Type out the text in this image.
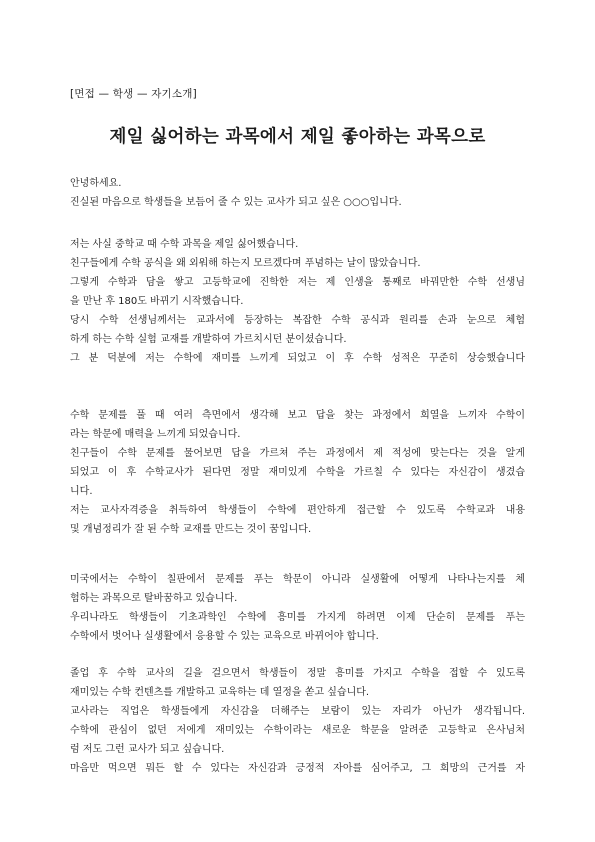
[면접 — 학생 — 자기소개]
제일 싫어하는 과목에서 제일 좋아하는 과목으로
안녕하세요.
진실된 마음으로 학생들을 보듬어 줄 수 있는 교사가 되고 싶은 ○○○입니다.
저는 사실 중학교 때 수학 과목을 제일 싫어했습니다.
친구들에게 수학 공식을 왜 외워해 하는지 모르겠다며 푸념하는 날이 많았습니다.
그렇게 수학과 담을 쌓고 고등학교에 진학한 저는 제 인생을 통째로 바꿔만한 수학 선생님
을 만난 후 180도 바뀌기 시작했습니다.
당시 수학 선생님께서는 교과서에 등장하는 복잡한 수학 공식과 원리를 손과 눈으로 체험
하게 하는 수학 실험 교재를 개발하여 가르치시던 분이셨습니다.
그 분 덕분에 저는 수학에 재미를 느끼게 되었고 이 후 수학 성적은 꾸준히 상승했습니다
수학 문제를 풀 때 여러 측면에서 생각해 보고 답을 찾는 과정에서 희열을 느끼자 수학이
라는 학문에 매력을 느끼게 되었습니다.
친구들이 수학 문제를 물어보면 답을 가르쳐 주는 과정에서 제 적성에 맞는다는 것을 알게
되었고 이 후 수학교사가 된다면 정말 재미있게 수학을 가르칠 수 있다는 자신감이 생겼습
니다.
저는 교사자격증을 취득하여 학생들이 수학에 편안하게 접근할 수 있도록 수학교과 내용
및 개념정리가 잘 된 수학 교재를 만드는 것이 꿈입니다.
미국에서는 수학이 칠판에서 문제를 푸는 학문이 아니라 실생활에 어떻게 나타나는지를 체
험하는 과목으로 탈바꿈하고 있습니다.
우리나라도 학생들이 기초과학인 수학에 흥미를 가지게 하려면 이제 단순히 문제를 푸는
수학에서 벗어나 실생활에서 응용할 수 있는 교육으로 바뀌어야 합니다.
졸업 후 수학 교사의 길을 걸으면서 학생들이 정말 흥미를 가지고 수학을 접할 수 있도록
재미있는 수학 컨텐츠를 개발하고 교육하는 데 열정을 쏟고 싶습니다.
교사라는 직업은 학생들에게 자신감을 더해주는 보람이 있는 자리가 아닌가 생각됩니다.
수학에 관심이 없던 저에게 재미있는 수학이라는 새로운 학문을 알려준 고등학교 은사님처
럼 저도 그런 교사가 되고 싶습니다.
마음만 먹으면 뭐든 할 수 있다는 자신감과 긍정적 자아를 심어주고, 그 희망의 근거를 자
